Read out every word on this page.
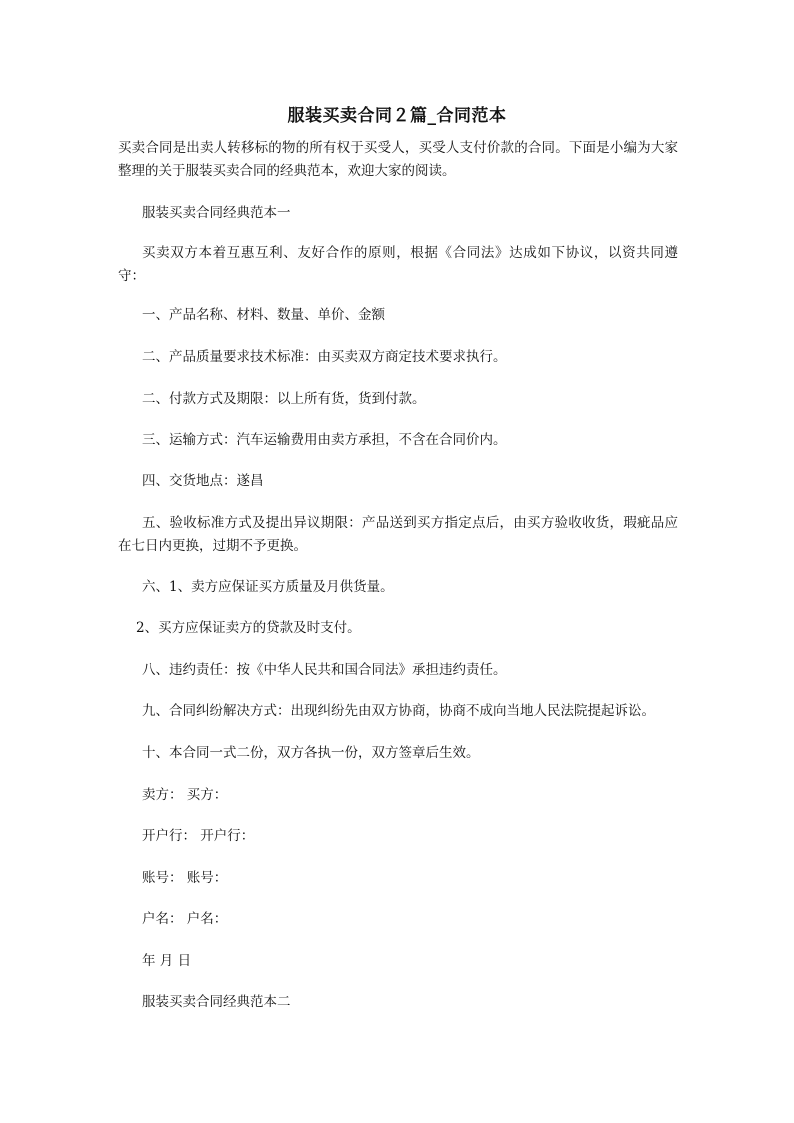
服装买卖合同２篇_合同范本
买卖合同是出卖人转移标的物的所有权于买受人，买受人支付价款的合同。下面是小编为大家整理的关于服装买卖合同的经典范本，欢迎大家的阅读。
服装买卖合同经典范本一
买卖双方本着互惠互利、友好合作的原则，根据《合同法》达成如下协议，以资共同遵守：
一、产品名称、材料、数量、单价、金额
二、产品质量要求技术标准：由买卖双方商定技术要求执行。
二、付款方式及期限：以上所有货，货到付款。
三、运输方式：汽车运输费用由卖方承担，不含在合同价内。
四、交货地点：遂昌
五、验收标准方式及提出异议期限：产品送到买方指定点后，由买方验收收货，瑕疵品应在七日内更换，过期不予更换。
六、1、卖方应保证买方质量及月供货量。
2、买方应保证卖方的贷款及时支付。
八、违约责任：按《中华人民共和国合同法》承担违约责任。
九、合同纠纷解决方式：出现纠纷先由双方协商，协商不成向当地人民法院提起诉讼。
十、本合同一式二份，双方各执一份，双方签章后生效。
卖方： 买方：
开户行： 开户行：
账号： 账号：
户名： 户名：
年 月 日
服装买卖合同经典范本二
